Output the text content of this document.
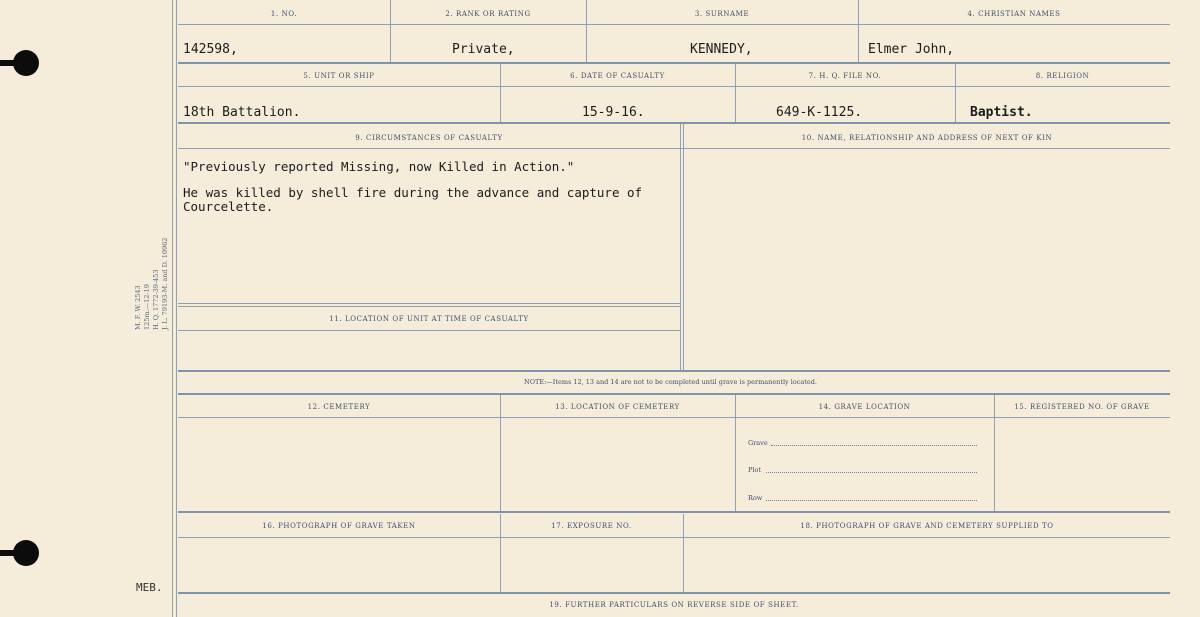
M. F. W. 2543 125m.—12-19 H. Q. 1772-39-453 J. L. 79193-M. and D. 10962
MEB.
1. NO.	2. RANK OR RATING	3. SURNAME	4. CHRISTIAN NAMES
142598,	Private,	KENNEDY,	Elmer John,
5. UNIT OR SHIP	6. DATE OF CASUALTY	7. H. Q. FILE NO.	8. RELIGION
18th Battalion.	15-9-16.	649-K-1125.	Baptist.
9. CIRCUMSTANCES OF CASUALTY	10. NAME, RELATIONSHIP AND ADDRESS OF NEXT OF KIN
"Previously reported Missing, now Killed in Action."
He was killed by shell fire during the advance and capture of
Courcelette.
11. LOCATION OF UNIT AT TIME OF CASUALTY
NOTE:—Items 12, 13 and 14 are not to be completed until grave is permanently located.
12. CEMETERY	13. LOCATION OF CEMETERY	14. GRAVE LOCATION	15. REGISTERED NO. OF GRAVE
Grave
Plot
Row
16. PHOTOGRAPH OF GRAVE TAKEN	17. EXPOSURE NO.	18. PHOTOGRAPH OF GRAVE AND CEMETERY SUPPLIED TO
19. FURTHER PARTICULARS ON REVERSE SIDE OF SHEET.
